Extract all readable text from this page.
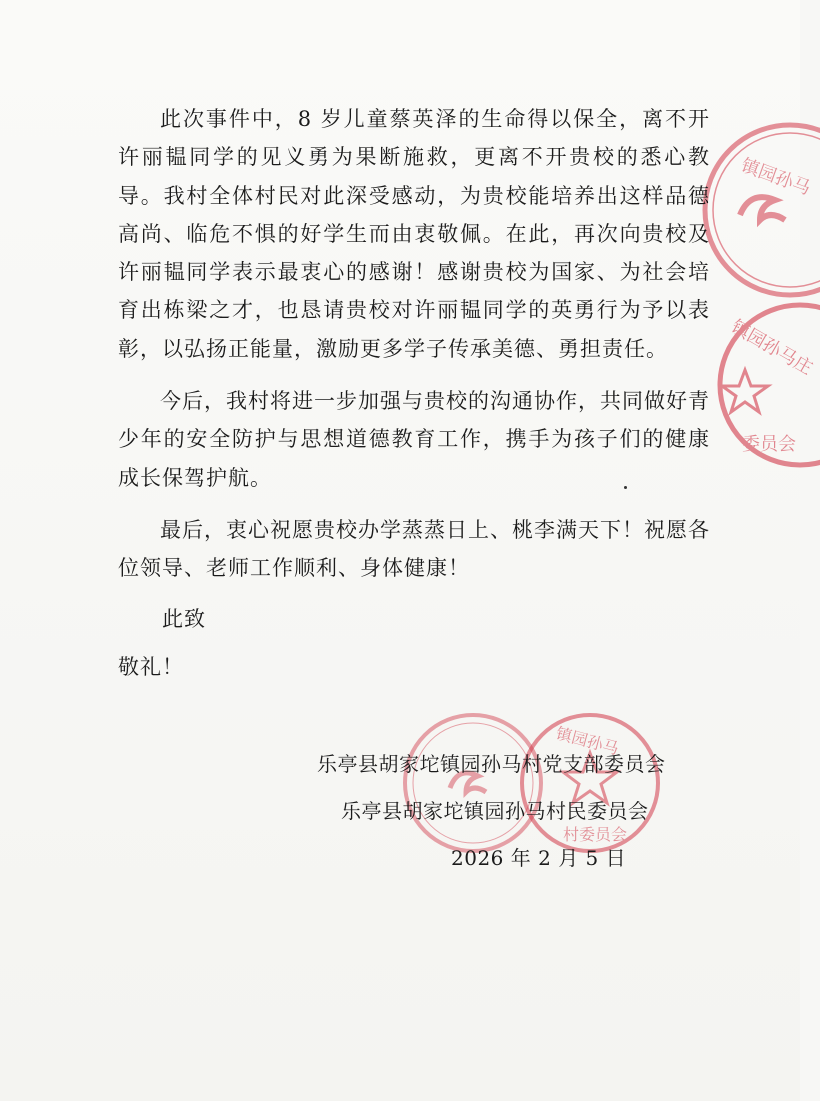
镇园孙马
镇园孙马庄
委员会
镇园孙马
村委员会

此次事件中，8 岁儿童蔡英泽的生命得以保全，离不开许丽韫同学的见义勇为果断施救，更离不开贵校的悉心教导。我村全体村民对此深受感动，为贵校能培养出这样品德高尚、临危不惧的好学生而由衷敬佩。在此，再次向贵校及许丽韫同学表示最衷心的感谢！感谢贵校为国家、为社会培育出栋梁之才，也恳请贵校对许丽韫同学的英勇行为予以表彰，以弘扬正能量，激励更多学子传承美德、勇担责任。

今后，我村将进一步加强与贵校的沟通协作，共同做好青少年的安全防护与思想道德教育工作，携手为孩子们的健康成长保驾护航。

最后，衷心祝愿贵校办学蒸蒸日上、桃李满天下！祝愿各位领导、老师工作顺利、身体健康！

此致
敬礼！
乐亭县胡家坨镇园孙马村党支部委员会
乐亭县胡家坨镇园孙马村民委员会
2026 年 2 月 5 日
